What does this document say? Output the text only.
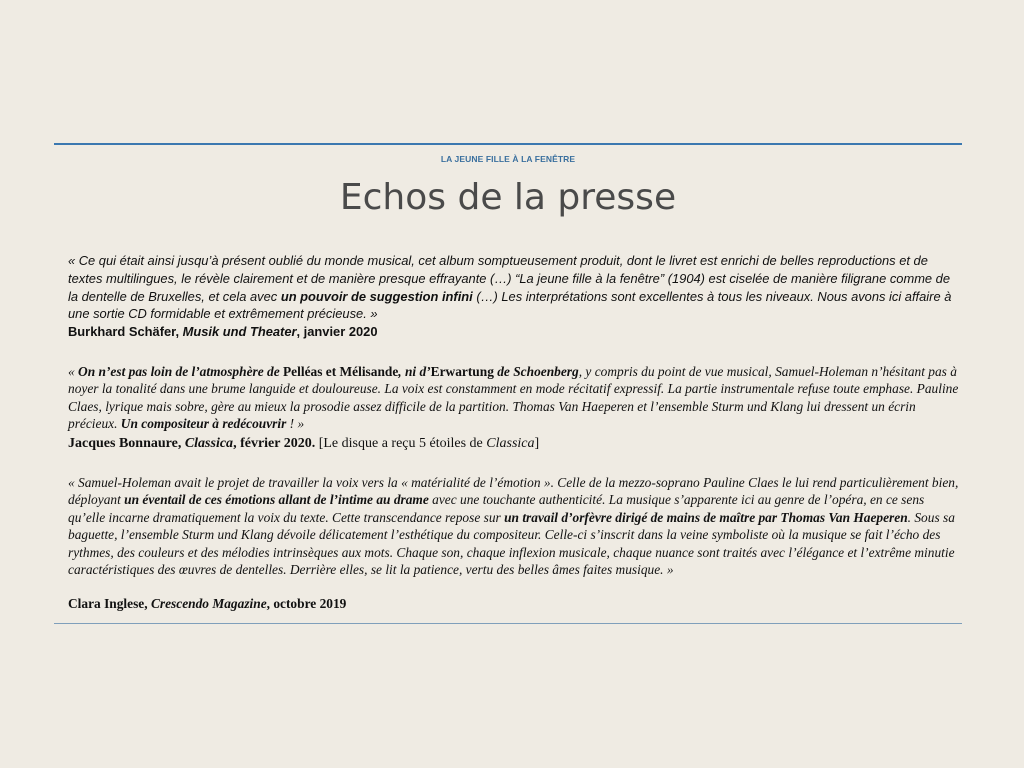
LA JEUNE FILLE À LA FENÊTRE
Echos de la presse
« Ce qui était ainsi jusqu’à présent oublié du monde musical, cet album somptueusement produit, dont le livret est enrichi de belles reproductions et de textes multilingues, le révèle clairement et de manière presque effrayante (…) “La jeune fille à la fenêtre” (1904) est ciselée de manière filigrane comme de la dentelle de Bruxelles, et cela avec un pouvoir de suggestion infini (…) Les interprétations sont excellentes à tous les niveaux. Nous avons ici affaire à une sortie CD formidable et extrêmement précieuse. »
Burkhard Schäfer, Musik und Theater, janvier 2020
« On n’est pas loin de l’atmosphère de Pelléas et Mélisande, ni d’Erwartung de Schoenberg, y compris du point de vue musical, Samuel-Holeman n’hésitant pas à noyer la tonalité dans une brume languide et douloureuse. La voix est constamment en mode récitatif expressif. La partie instrumentale refuse toute emphase. Pauline Claes, lyrique mais sobre, gère au mieux la prosodie assez difficile de la partition. Thomas Van Haeperen et l’ensemble Sturm und Klang lui dressent un écrin précieux. Un compositeur à redécouvrir ! »
Jacques Bonnaure, Classica, février 2020. [Le disque a reçu 5 étoiles de Classica]
« Samuel-Holeman avait le projet de travailler la voix vers la « matérialité de l’émotion ». Celle de la mezzo-soprano Pauline Claes le lui rend particulièrement bien, déployant un éventail de ces émotions allant de l’intime au drame avec une touchante authenticité. La musique s’apparente ici au genre de l’opéra, en ce sens qu’elle incarne dramatiquement la voix du texte. Cette transcendance repose sur un travail d’orfèvre dirigé de mains de maître par Thomas Van Haeperen. Sous sa baguette, l’ensemble Sturm und Klang dévoile délicatement l’esthétique du compositeur. Celle-ci s’inscrit dans la veine symboliste où la musique se fait l’écho des rythmes, des couleurs et des mélodies intrinsèques aux mots. Chaque son, chaque inflexion musicale, chaque nuance sont traités avec l’élégance et l’extrême minutie caractéristiques des œuvres de dentelles. Derrière elles, se lit la patience, vertu des belles âmes faites musique. »
Clara Inglese, Crescendo Magazine, octobre 2019
